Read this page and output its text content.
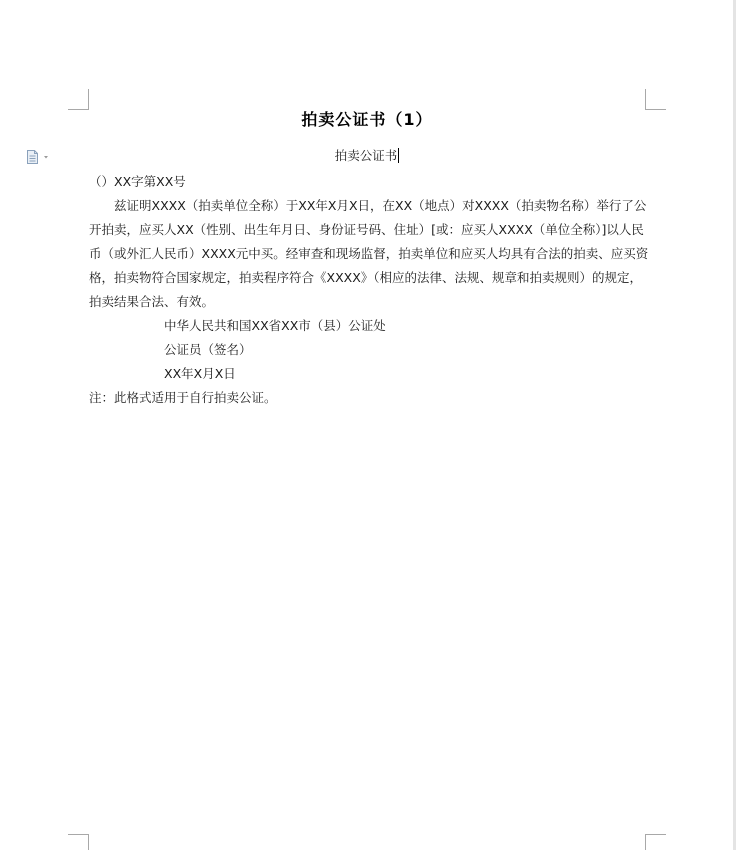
拍卖公证书（1）
拍卖公证书

（）XX字第XX号

兹证明XXXX（拍卖单位全称）于XX年X月X日，在XX（地点）对XXXX（拍卖物名称）举行了公开拍卖，应买人XX（性别、出生年月日、身份证号码、住址）[或：应买人XXXX（单位全称）]以人民币（或外汇人民币）XXXX元中买。经审查和现场监督，拍卖单位和应买人均具有合法的拍卖、应买资格，拍卖物符合国家规定，拍卖程序符合《XXXX》（相应的法律、法规、规章和拍卖规则）的规定，拍卖结果合法、有效。

中华人民共和国XX省XX市（县）公证处

公证员（签名）

XX年X月X日

注：此格式适用于自行拍卖公证。
